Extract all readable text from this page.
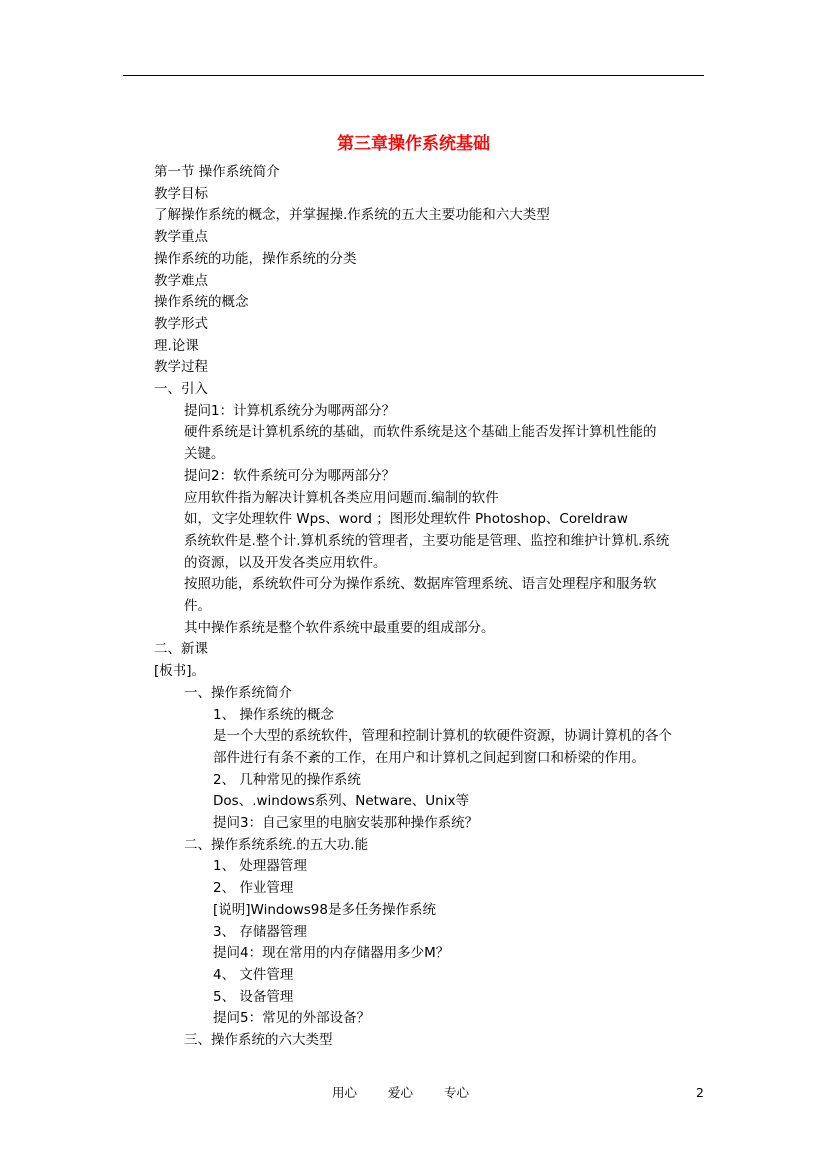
第三章操作系统基础
第一节 操作系统简介
教学目标
了解操作系统的概念，并掌握操.作系统的五大主要功能和六大类型
教学重点
操作系统的功能，操作系统的分类
教学难点
操作系统的概念
教学形式
理.论课
教学过程
一、引入
提问1：计算机系统分为哪两部分？
硬件系统是计算机系统的基础，而软件系统是这个基础上能否发挥计算机性能的
关键。
提问2：软件系统可分为哪两部分？
应用软件指为解决计算机各类应用问题而.编制的软件
如，文字处理软件 Wps、word ；图形处理软件 Photoshop、Coreldraw
系统软件是.整个计.算机系统的管理者，主要功能是管理、监控和维护计算机.系统
的资源，以及开发各类应用软件。
按照功能，系统软件可分为操作系统、数据库管理系统、语言处理程序和服务软
件。
其中操作系统是整个软件系统中最重要的组成部分。
二、新课
[板书]。
一、操作系统简介
1、 操作系统的概念
是一个大型的系统软件，管理和控制计算机的软硬件资源，协调计算机的各个
部件进行有条不紊的工作，在用户和计算机之间起到窗口和桥梁的作用。
2、 几种常见的操作系统
Dos、.windows系列、Netware、Unix等
提问3：自己家里的电脑安装那种操作系统？
二、操作系统系统.的五大功.能
1、 处理器管理
2、 作业管理
[说明]Windows98是多任务操作系统
3、 存储器管理
提问4：现在常用的内存储器用多少M？
4、 文件管理
5、 设备管理
提问5：常见的外部设备？
三、操作系统的六大类型
用心 爱心 专心	2
